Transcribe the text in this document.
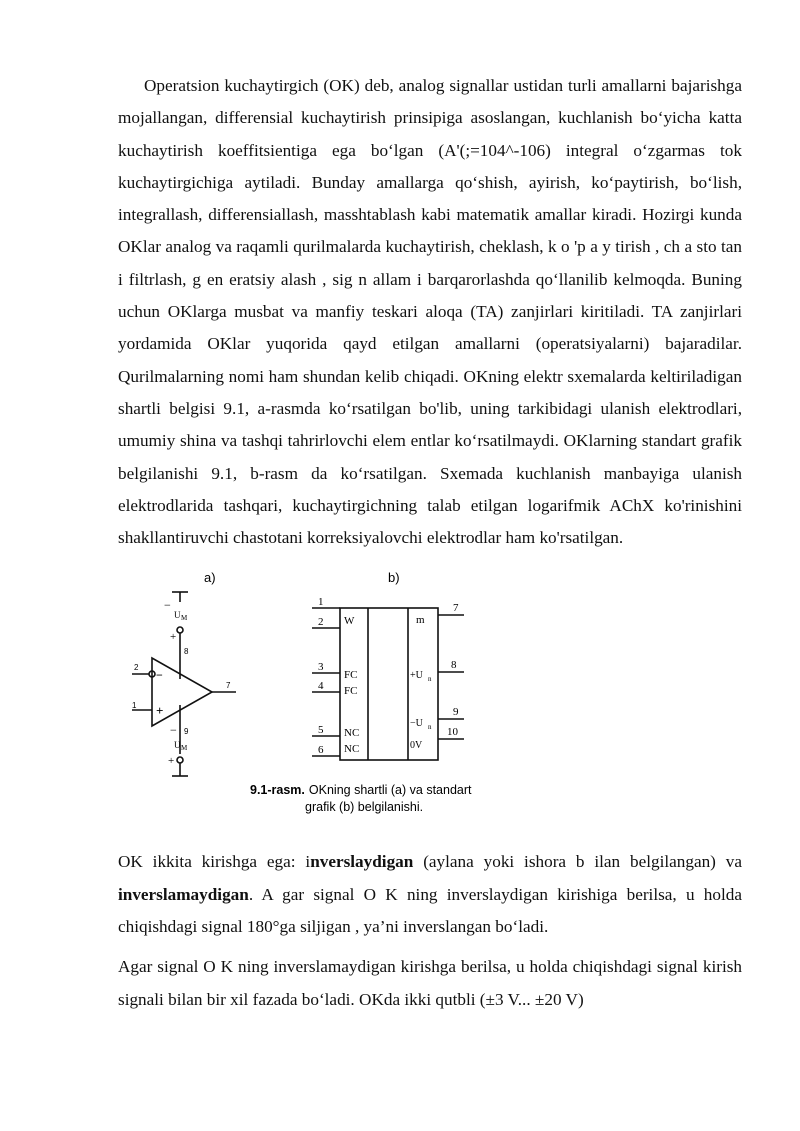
Operatsion kuchaytirgich (OK) deb, analog signallar ustidan turli amallarni bajarishga mojallangan, differensial kuchaytirish prinsipiga asoslangan, kuchlanish bo‘yicha katta kuchaytirish koeffitsientiga ega bo‘lgan (A'(;=104^-106) integral o‘zgarmas tok kuchaytirgichiga aytiladi. Bunday amallarga qo‘shish, ayirish, ko‘paytirish, bo‘lish, integrallash, differensiallash, masshtablash kabi matematik amallar kiradi. Hozirgi kunda OKlar analog va raqamli qurilmalarda kuchaytirish, cheklash, k o 'p a y tirish , ch a sto tan i filtrlash, g en eratsiy alash , sig n allam i barqarorlashda qo‘llanilib kelmoqda. Buning uchun OKlarga musbat va manfiy teskari aloqa (TA) zanjirlari kiritiladi. TA zanjirlari yordamida OKlar yuqorida qayd etilgan amallarni (operatsiyalarni) bajaradilar. Qurilmalarning nomi ham shundan kelib chiqadi. OKning elektr sxemalarda keltiriladigan shartli belgisi 9.1, a-rasmda ko‘rsatilgan bo'lib, uning tarkibidagi ulanish elektrodlari, umumiy shina va tashqi tahrirlovchi elem entlar ko‘rsatilmaydi. OKlarning standart grafik belgilanishi 9.1, b-rasm da ko‘rsatilgan. Sxemada kuchlanish manbayiga ulanish elektrodlarida tashqari, kuchaytirgichning talab etilgan logarifmik AChX ko'rinishini shakllantiruvchi chastotani korreksiyalovchi elektrodlar ham ko'rsatilgan.

a)	b)
−
U M
+
8
2
1
−
+
7
9
−
U M
+
1
2
3
4
5
6
W
FC
FC
NC
NC
7
8
9
10
m
+U n
−U n
0V
9.1-rasm. OKning shartli (a) va standart
grafik (b) belgilanishi.

OK ikkita kirishga ega: inverslaydigan (aylana yoki ishora b ilan belgilangan) va inverslamaydigan. A gar signal O K ning inverslaydigan kirishiga berilsa, u holda chiqishdagi signal 180°ga siljigan , ya’ni inverslangan bo‘ladi.

Agar signal O K ning inverslamaydigan kirishga berilsa, u holda chiqishdagi signal kirish signali bilan bir xil fazada bo‘ladi. OKda ikki qutbli (±3 V... ±20 V)
